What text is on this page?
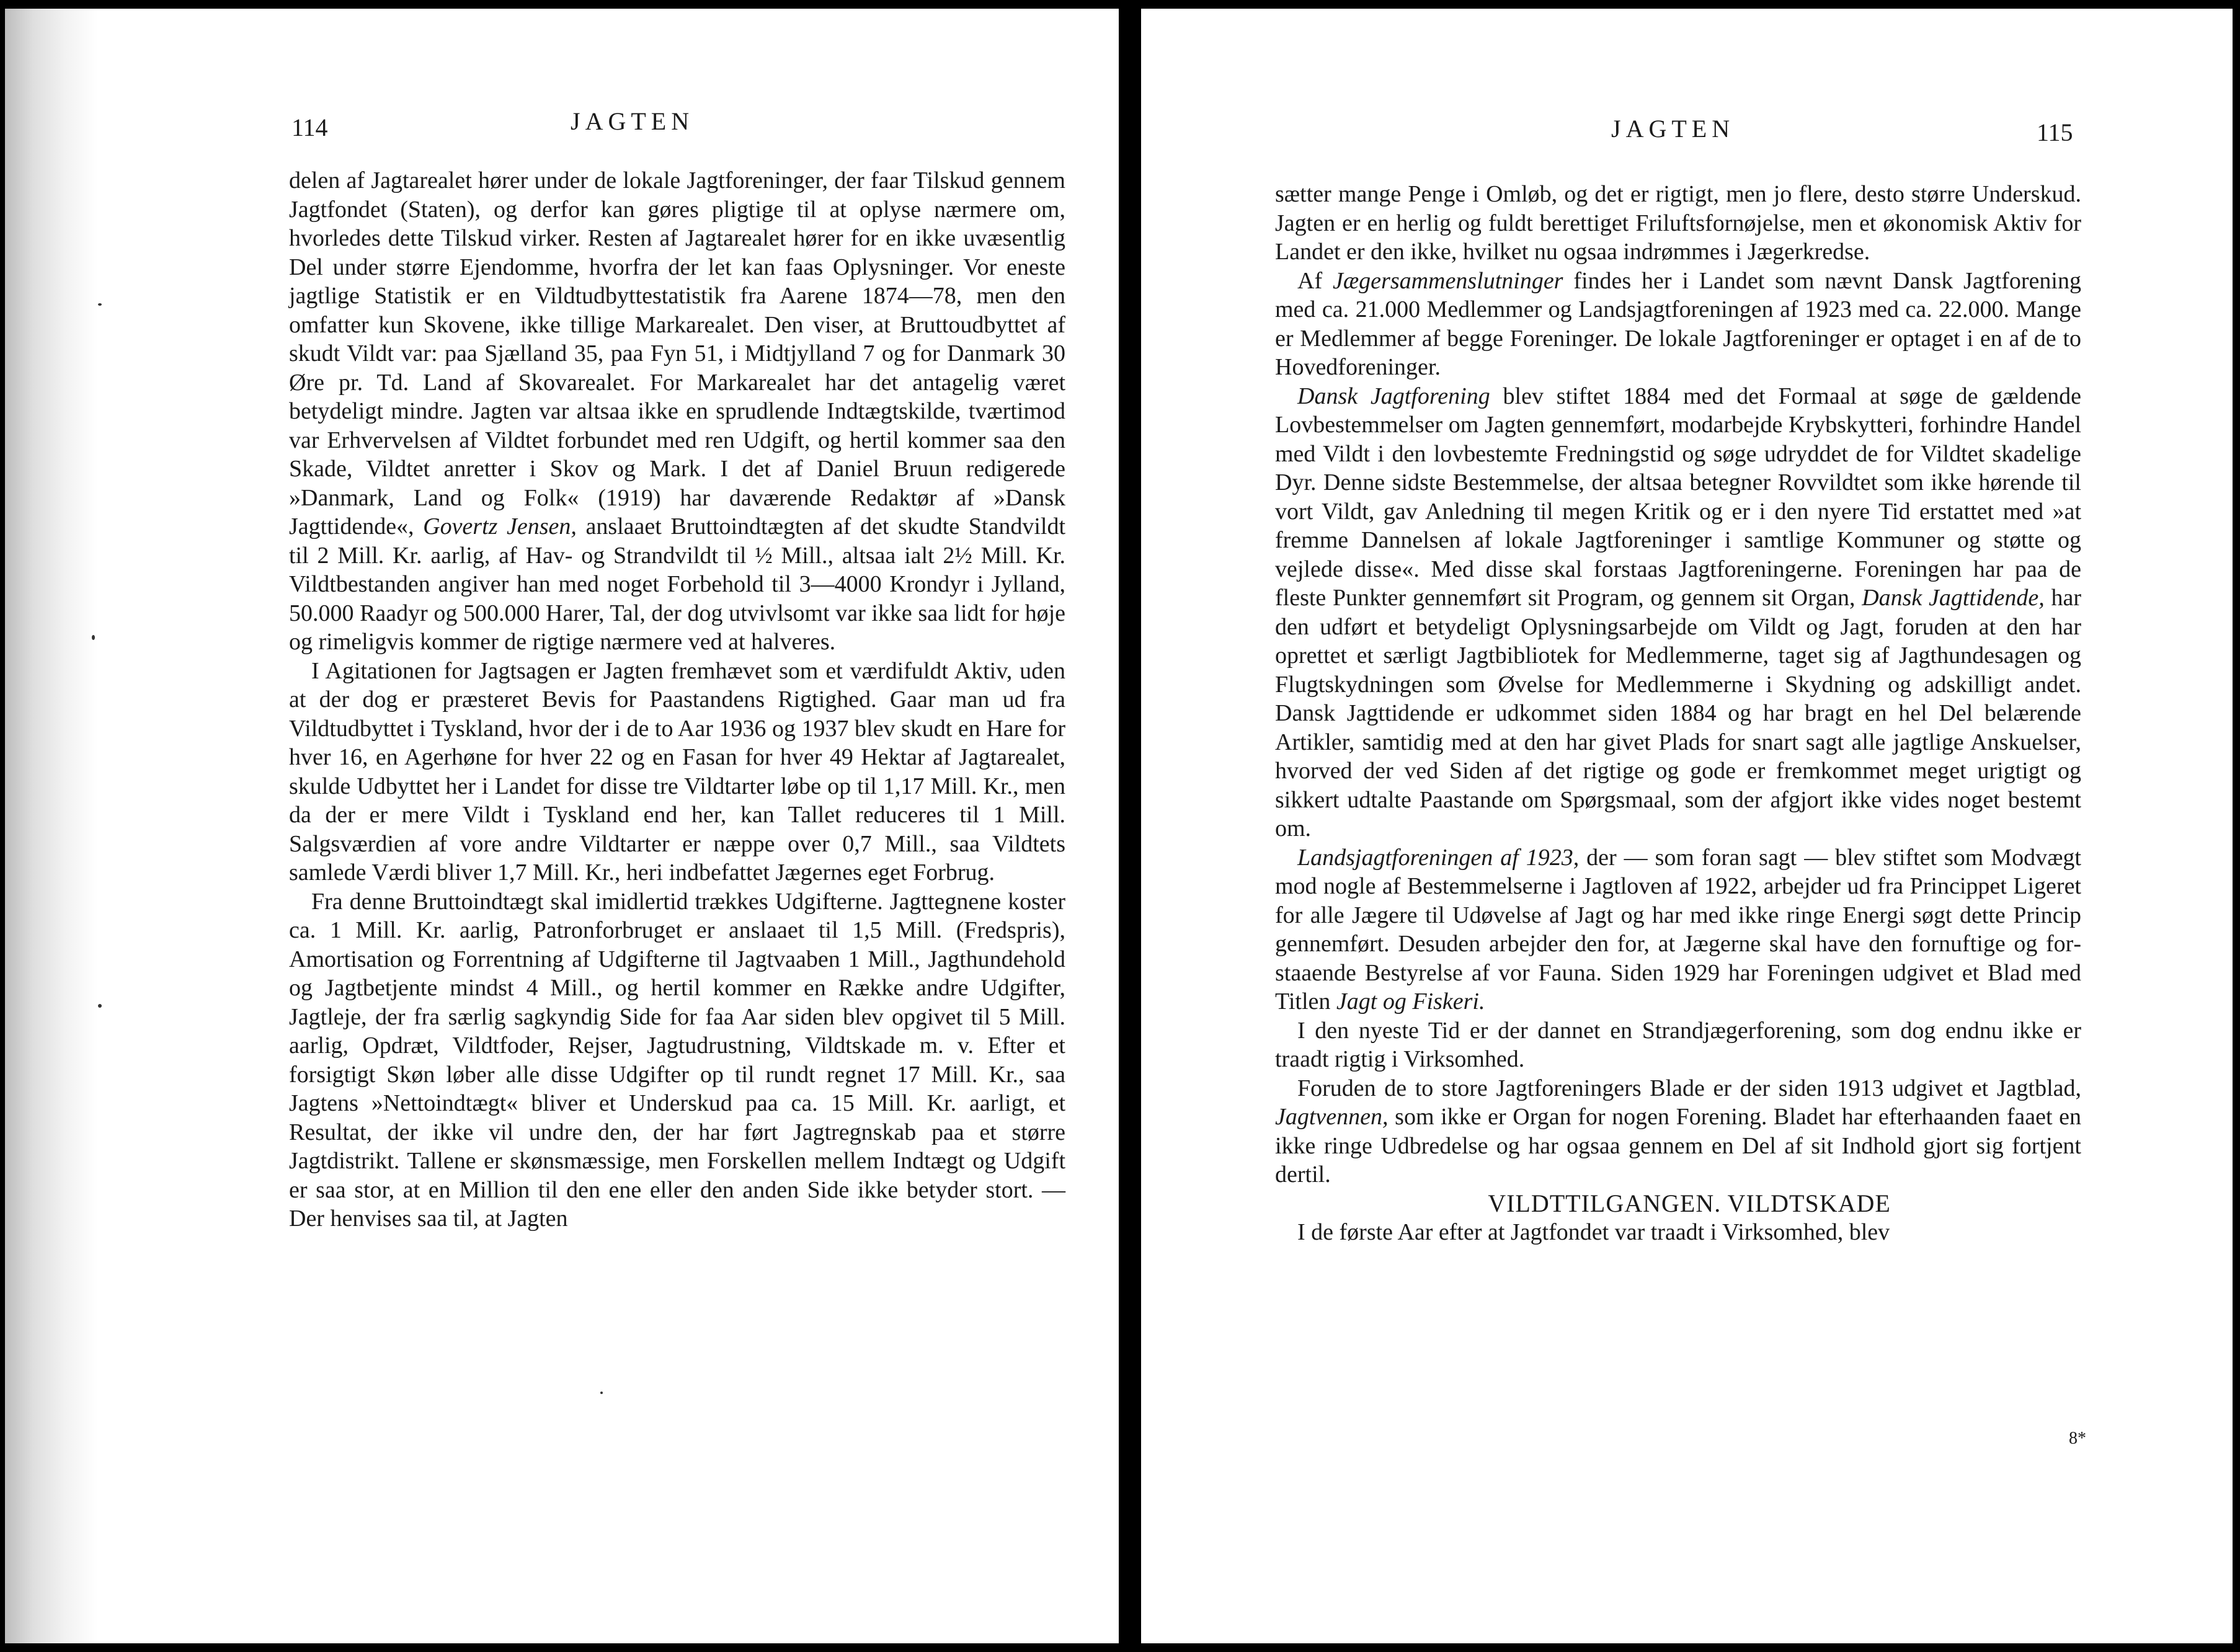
114	JAGTEN

delen af Jagtarealet hører under de lokale Jagtforeninger, der faar Tilskud gennem Jagtfondet (Staten), og derfor kan gøres pligtige til at oplyse nærmere om, hvorledes dette Tilskud virker. Resten af Jagtarealet hører for en ikke uvæsentlig Del under større Ejendomme, hvorfra der let kan faas Oplysninger. Vor eneste jagtlige Statistik er en Vildtudbyttestatistik fra Aarene 1874—78, men den omfatter kun Skovene, ikke tillige Markarealet. Den viser, at Bruttoudbyttet af skudt Vildt var: paa Sjælland 35, paa Fyn 51, i Midtjylland 7 og for Danmark 30 Øre pr. Td. Land af Skovarealet. For Markarealet har det antagelig været betydeligt mindre. Jagten var altsaa ikke en sprudlende Indtægtskilde, tværtimod var Erhvervelsen af Vildtet forbundet med ren Udgift, og hertil kommer saa den Skade, Vildtet anretter i Skov og Mark. I det af Daniel Bruun redigerede »Danmark, Land og Folk« (1919) har daværende Redaktør af »Dansk Jagttidende«, Govertz Jensen, anslaaet Bruttoindtægten af det skudte Standvildt til 2 Mill. Kr. aarlig, af Hav- og Strandvildt til ½ Mill., altsaa ialt 2½ Mill. Kr. Vildtbestanden angiver han med noget Forbehold til 3—4000 Krondyr i Jylland, 50.000 Raadyr og 500.000 Harer, Tal, der dog utvivlsomt var ikke saa lidt for høje og rimeligvis kommer de rigtige nærmere ved at halveres.

I Agitationen for Jagtsagen er Jagten fremhævet som et værdifuldt Aktiv, uden at der dog er præsteret Bevis for Paastandens Rigtighed. Gaar man ud fra Vildtudbyttet i Tyskland, hvor der i de to Aar 1936 og 1937 blev skudt en Hare for hver 16, en Agerhøne for hver 22 og en Fasan for hver 49 Hektar af Jagtarealet, skulde Udbyttet her i Landet for disse tre Vildtarter løbe op til 1,17 Mill. Kr., men da der er mere Vildt i Tyskland end her, kan Tallet reduceres til 1 Mill. Salgsværdien af vore andre Vildtarter er næppe over 0,7 Mill., saa Vildtets samlede Værdi bliver 1,7 Mill. Kr., heri indbefattet Jægernes eget Forbrug.

Fra denne Bruttoindtægt skal imidlertid trækkes Udgifterne. Jagttegnene koster ca. 1 Mill. Kr. aarlig, Patronforbruget er anslaaet til 1,5 Mill. (Fredspris), Amortisation og Forrentning af Udgifterne til Jagtvaaben 1 Mill., Jagthundehold og Jagtbetjente mindst 4 Mill., og hertil kommer en Række andre Udgifter, Jagtleje, der fra særlig sagkyndig Side for faa Aar siden blev opgivet til 5 Mill. aarlig, Opdræt, Vildtfoder, Rejser, Jagtudrustning, Vildtskade m. v. Efter et forsigtigt Skøn løber alle disse Udgifter op til rundt regnet 17 Mill. Kr., saa Jagtens »Nettoindtægt« bliver et Underskud paa ca. 15 Mill. Kr. aarligt, et Resultat, der ikke vil undre den, der har ført Jagtregnskab paa et større Jagtdistrikt. Tallene er skønsmæssige, men Forskellen mellem Indtægt og Udgift er saa stor, at en Million til den ene eller den anden Side ikke betyder stort. — Der henvises saa til, at Jagten

JAGTEN	115

sætter mange Penge i Omløb, og det er rigtigt, men jo flere, desto større Underskud. Jagten er en herlig og fuldt berettiget Friluftsfornøjelse, men et økonomisk Aktiv for Landet er den ikke, hvilket nu ogsaa indrømmes i Jægerkredse.

Af Jægersammenslutninger findes her i Landet som nævnt Dansk Jagtforening med ca. 21.000 Medlemmer og Landsjagtforeningen af 1923 med ca. 22.000. Mange er Medlemmer af begge Foreninger. De lokale Jagtforeninger er optaget i en af de to Hovedforeninger.

Dansk Jagtforening blev stiftet 1884 med det Formaal at søge de gældende Lovbestemmelser om Jagten gennemført, modarbejde Krybskytteri, forhindre Handel med Vildt i den lovbestemte Fredningstid og søge udryddet de for Vildtet skadelige Dyr. Denne sidste Bestemmelse, der altsaa betegner Rovvildtet som ikke hørende til vort Vildt, gav Anledning til megen Kritik og er i den nyere Tid erstattet med »at fremme Dannelsen af lokale Jagtforeninger i samtlige Kommuner og støtte og vejlede disse«. Med disse skal forstaas Jagtforeningerne. Foreningen har paa de fleste Punkter gennemført sit Program, og gennem sit Organ, Dansk Jagttidende, har den udført et betydeligt Oplysningsarbejde om Vildt og Jagt, foruden at den har oprettet et særligt Jagtbibliotek for Medlemmerne, taget sig af Jagthundesagen og Flugtskydningen som Øvelse for Medlemmerne i Skydning og adskilligt andet. Dansk Jagttidende er udkommet siden 1884 og har bragt en hel Del belærende Artikler, samtidig med at den har givet Plads for snart sagt alle jagtlige Anskuelser, hvorved der ved Siden af det rigtige og gode er fremkommet meget urigtigt og sikkert udtalte Paastande om Spørgsmaal, som der afgjort ikke vides noget bestemt om.

Landsjagtforeningen af 1923, der — som foran sagt — blev stiftet som Modvægt mod nogle af Bestemmelserne i Jagtloven af 1922, arbejder ud fra Princippet Ligeret for alle Jægere til Udøvelse af Jagt og har med ikke ringe Energi søgt dette Princip gennemført. Desuden arbejder den for, at Jægerne skal have den fornuftige og forstaaende Bestyrelse af vor Fauna. Siden 1929 har Foreningen udgivet et Blad med Titlen Jagt og Fiskeri.

I den nyeste Tid er der dannet en Strandjægerforening, som dog endnu ikke er traadt rigtig i Virksomhed.

Foruden de to store Jagtforeningers Blade er der siden 1913 udgivet et Jagtblad, Jagtvennen, som ikke er Organ for nogen Forening. Bladet har efterhaanden faaet en ikke ringe Udbredelse og har ogsaa gennem en Del af sit Indhold gjort sig fortjent dertil.

VILDTTILGANGEN. VILDTSKADE

I de første Aar efter at Jagtfondet var traadt i Virksomhed, blev

8*
